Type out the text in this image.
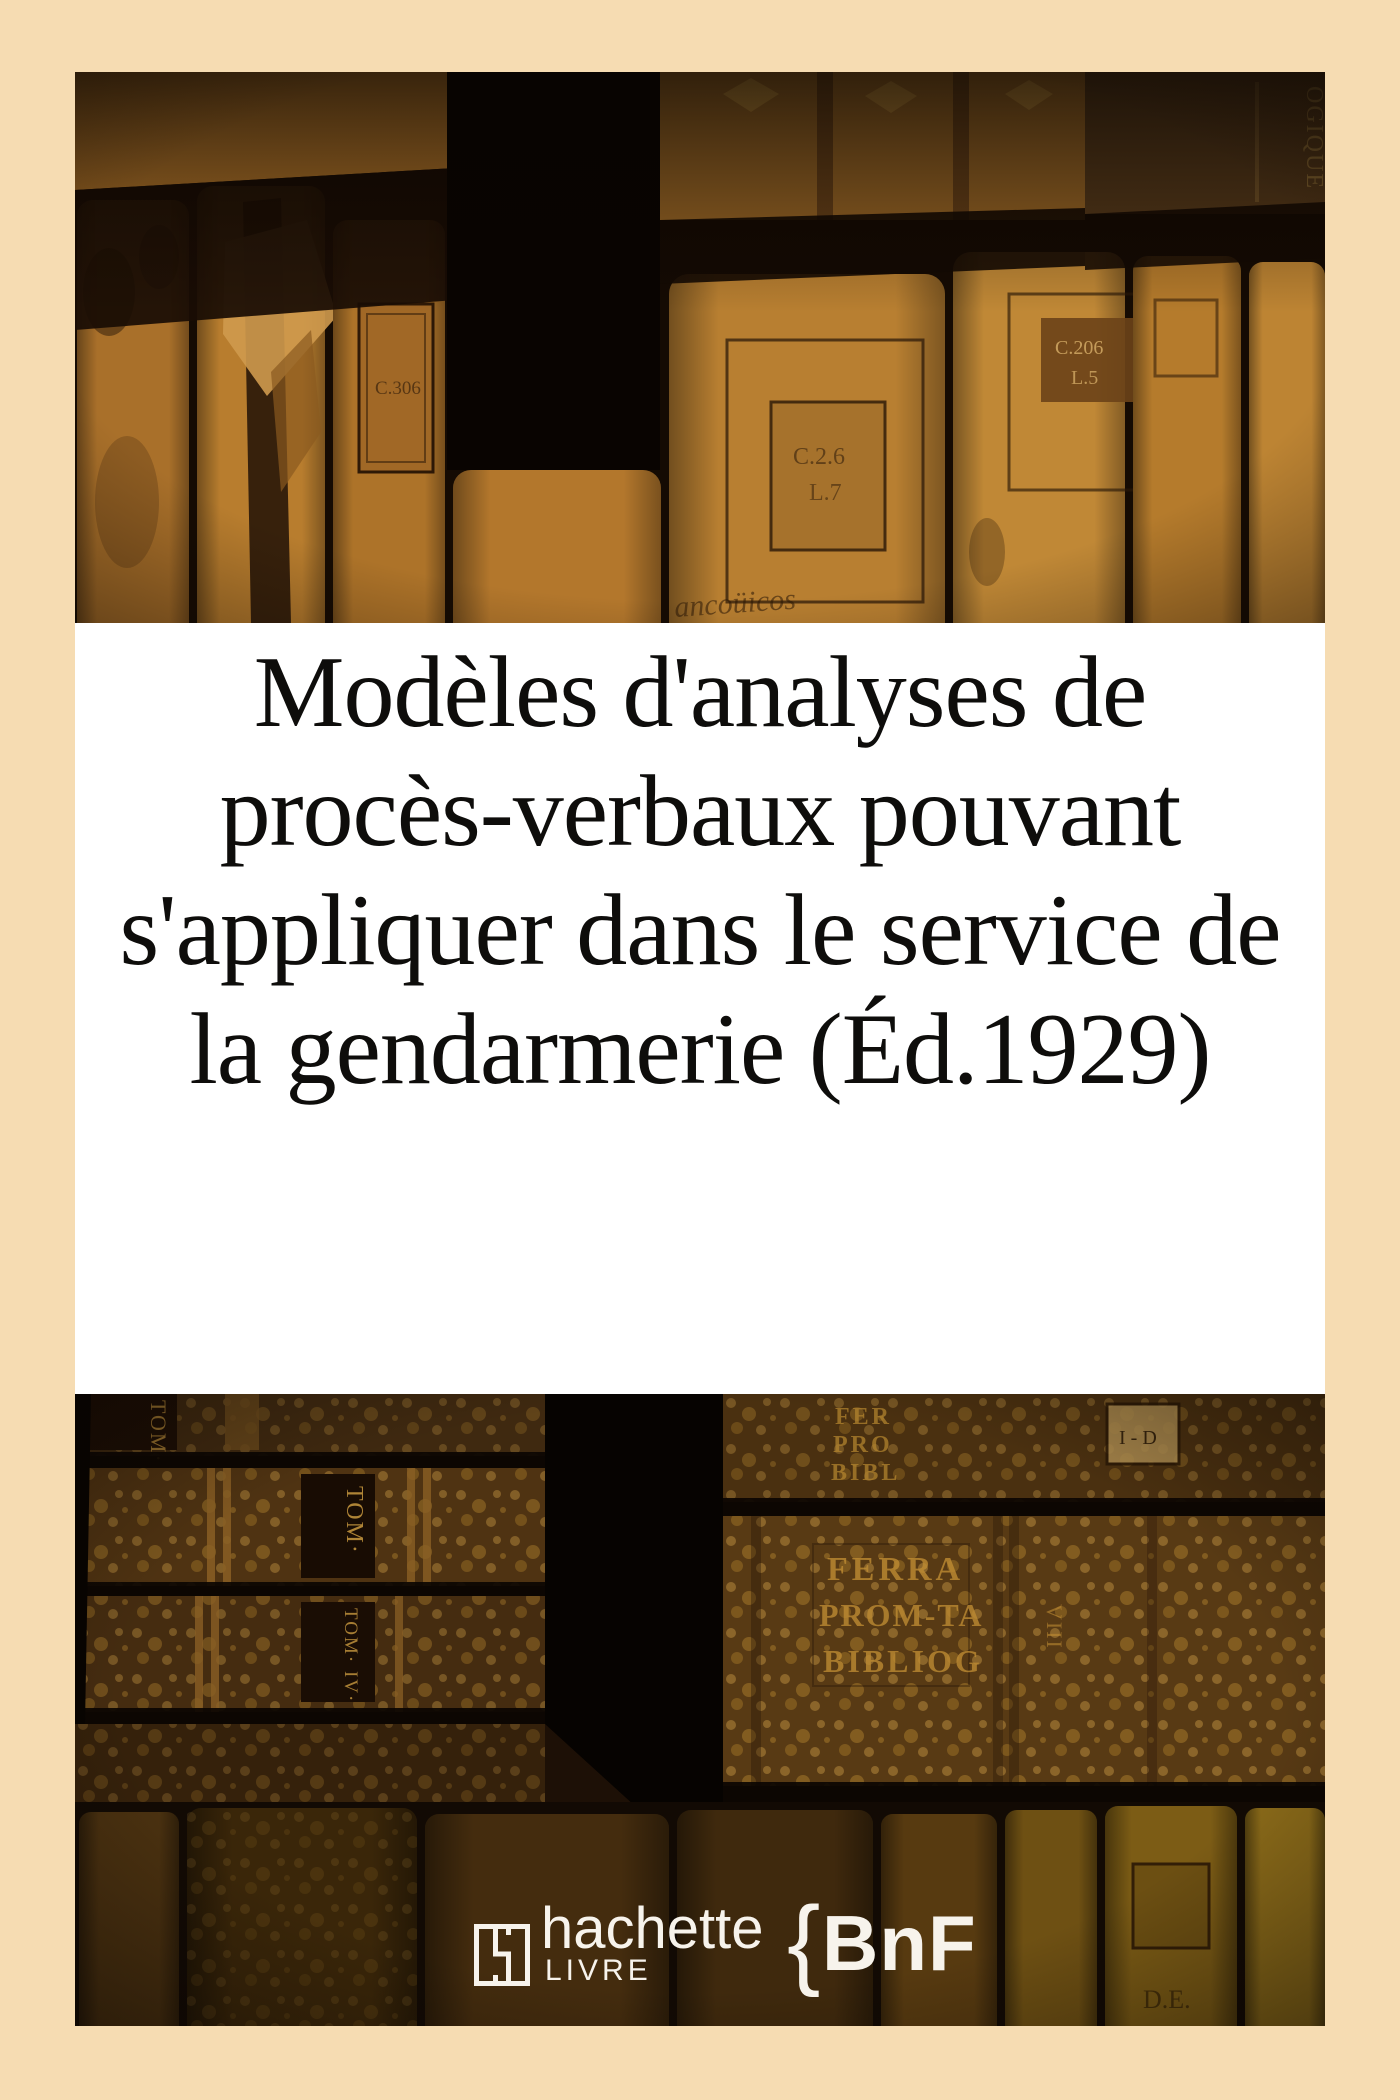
Modèles d'analyses de
procès-verbaux pouvant
s'appliquer dans le service de
la gendarmerie (Éd.1929)
hachette
LIVRE { BnF
